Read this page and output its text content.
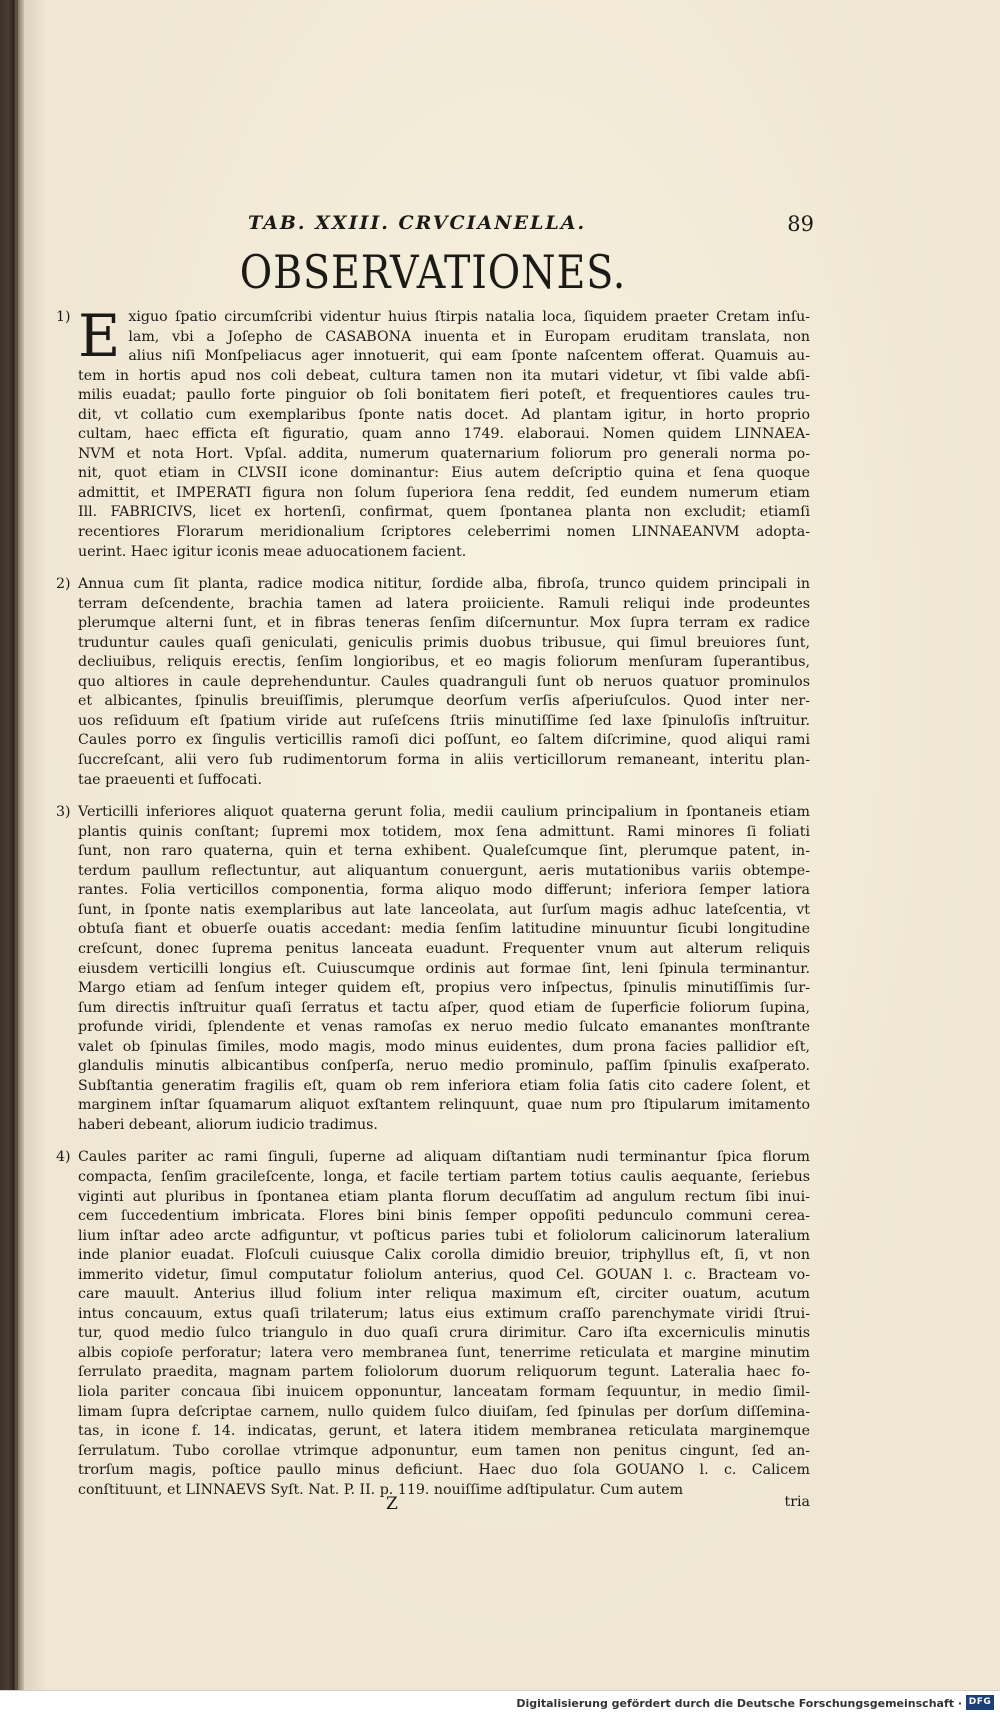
TAB. XXIII. CRVCIANELLA.	89
OBSERVATIONES.
1) E xiguo ſpatio circumſcribi videntur huius ſtirpis natalia loca, ſiquidem praeter Cretam inſu-
lam, vbi a Joſepho de CASABONA inuenta et in Europam eruditam translata, non
alius niſi Monſpeliacus ager innotuerit, qui eam ſponte naſcentem offerat. Quamuis au-
tem in hortis apud nos coli debeat, cultura tamen non ita mutari videtur, vt ſibi valde abſi-
milis euadat; paullo forte pinguior ob ſoli bonitatem fieri poteſt, et frequentiores caules tru-
dit, vt collatio cum exemplaribus ſponte natis docet. Ad plantam igitur, in horto proprio
cultam, haec efficta eſt figuratio, quam anno 1749. elaboraui. Nomen quidem LINNAEA-
NVM et nota Hort. Vpſal. addita, numerum quaternarium foliorum pro generali norma po-
nit, quot etiam in CLVSII icone dominantur: Eius autem deſcriptio quina et ſena quoque
admittit, et IMPERATI figura non ſolum ſuperiora ſena reddit, ſed eundem numerum etiam
Ill. FABRICIVS, licet ex hortenſi, confirmat, quem ſpontanea planta non excludit; etiamſi
recentiores Florarum meridionalium ſcriptores celeberrimi nomen LINNAEANVM adopta-
uerint. Haec igitur iconis meae aduocationem facient.
2) Annua cum ſit planta, radice modica nititur, ſordide alba, fibroſa, trunco quidem principali in
terram deſcendente, brachia tamen ad latera proiiciente. Ramuli reliqui inde prodeuntes
plerumque alterni ſunt, et in fibras teneras ſenſim diſcernuntur. Mox ſupra terram ex radice
truduntur caules quaſi geniculati, geniculis primis duobus tribusue, qui ſimul breuiores ſunt,
decliuibus, reliquis erectis, ſenſim longioribus, et eo magis foliorum menſuram ſuperantibus,
quo altiores in caule deprehenduntur. Caules quadranguli ſunt ob neruos quatuor prominulos
et albicantes, ſpinulis breuiſſimis, plerumque deorſum verſis aſperiuſculos. Quod inter ner-
uos reſiduum eſt ſpatium viride aut ruſeſcens ſtriis minutiſſime ſed laxe ſpinuloſis inſtruitur.
Caules porro ex ſingulis verticillis ramoſi dici poſſunt, eo ſaltem diſcrimine, quod aliqui rami
ſuccreſcant, alii vero ſub rudimentorum forma in aliis verticillorum remaneant, interitu plan-
tae praeuenti et ſuffocati.
3) Verticilli inferiores aliquot quaterna gerunt folia, medii caulium principalium in ſpontaneis etiam
plantis quinis conſtant; ſupremi mox totidem, mox ſena admittunt. Rami minores ſi foliati
ſunt, non raro quaterna, quin et terna exhibent. Qualeſcumque ſint, plerumque patent, in-
terdum paullum reflectuntur, aut aliquantum conuergunt, aeris mutationibus variis obtempe-
rantes. Folia verticillos componentia, forma aliquo modo differunt; inferiora ſemper latiora
ſunt, in ſponte natis exemplaribus aut late lanceolata, aut ſurſum magis adhuc lateſcentia, vt
obtuſa fiant et obuerſe ouatis accedant: media ſenſim latitudine minuuntur ſicubi longitudine
creſcunt, donec ſuprema penitus lanceata euadunt. Frequenter vnum aut alterum reliquis
eiusdem verticilli longius eſt. Cuiuscumque ordinis aut formae ſint, leni ſpinula terminantur.
Margo etiam ad ſenſum integer quidem eſt, propius vero inſpectus, ſpinulis minutiſſimis ſur-
ſum directis inſtruitur quaſi ſerratus et tactu aſper, quod etiam de ſuperficie foliorum ſupina,
profunde viridi, ſplendente et venas ramoſas ex neruo medio ſulcato emanantes monſtrante
valet ob ſpinulas ſimiles, modo magis, modo minus euidentes, dum prona facies pallidior eſt,
glandulis minutis albicantibus conſperſa, neruo medio prominulo, paſſim ſpinulis exaſperato.
Subſtantia generatim fragilis eſt, quam ob rem inferiora etiam folia ſatis cito cadere ſolent, et
marginem inſtar ſquamarum aliquot exſtantem relinquunt, quae num pro ſtipularum imitamento
haberi debeant, aliorum iudicio tradimus.
4) Caules pariter ac rami ſinguli, ſuperne ad aliquam diſtantiam nudi terminantur ſpica florum
compacta, ſenſim gracileſcente, longa, et facile tertiam partem totius caulis aequante, ſeriebus
viginti aut pluribus in ſpontanea etiam planta florum decuſſatim ad angulum rectum ſibi inui-
cem ſuccedentium imbricata. Flores bini binis ſemper oppoſiti pedunculo communi cerea-
lium inſtar adeo arcte adfiguntur, vt poſticus paries tubi et foliolorum calicinorum lateralium
inde planior euadat. Floſculi cuiusque Calix corolla dimidio breuior, triphyllus eſt, ſi, vt non
immerito videtur, ſimul computatur foliolum anterius, quod Cel. GOUAN l. c. Bracteam vo-
care mauult. Anterius illud folium inter reliqua maximum eſt, circiter ouatum, acutum
intus concauum, extus quaſi trilaterum; latus eius extimum craſſo parenchymate viridi ſtrui-
tur, quod medio ſulco triangulo in duo quaſi crura dirimitur. Caro iſta excerniculis minutis
albis copioſe perforatur; latera vero membranea ſunt, tenerrime reticulata et margine minutim
ſerrulato praedita, magnam partem foliolorum duorum reliquorum tegunt. Lateralia haec fo-
liola pariter concaua ſibi inuicem opponuntur, lanceatam formam ſequuntur, in medio ſimil-
limam ſupra deſcriptae carnem, nullo quidem ſulco diuiſam, ſed ſpinulas per dorſum diſſemina-
tas, in icone f. 14. indicatas, gerunt, et latera itidem membranea reticulata marginemque
ſerrulatum. Tubo corollae vtrimque adponuntur, eum tamen non penitus cingunt, ſed an-
trorſum magis, poſtice paullo minus deficiunt. Haec duo ſola GOUANO l. c. Calicem
conſtituunt, et LINNAEVS Syſt. Nat. P. II. p. 119. nouiſſime adſtipulatur. Cum autem
Z	tria
Digitalisierung gefördert durch die Deutsche Forschungsgemeinschaft · DFG
